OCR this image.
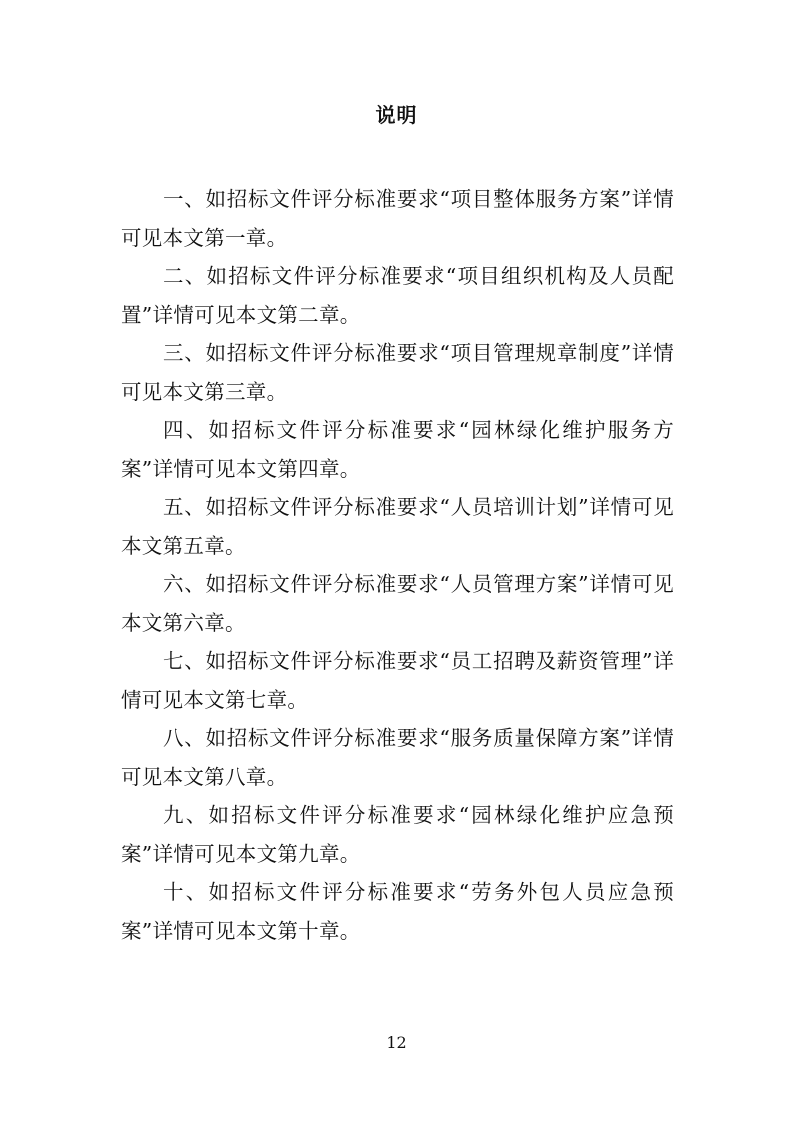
说明

一、如招标文件评分标准要求“项目整体服务方案”详情可见本文第一章。

二、如招标文件评分标准要求“项目组织机构及人员配置”详情可见本文第二章。

三、如招标文件评分标准要求“项目管理规章制度”详情可见本文第三章。

四、如招标文件评分标准要求“园林绿化维护服务方案”详情可见本文第四章。

五、如招标文件评分标准要求“人员培训计划”详情可见本文第五章。

六、如招标文件评分标准要求“人员管理方案”详情可见本文第六章。

七、如招标文件评分标准要求“员工招聘及薪资管理”详情可见本文第七章。

八、如招标文件评分标准要求“服务质量保障方案”详情可见本文第八章。

九、如招标文件评分标准要求“园林绿化维护应急预案”详情可见本文第九章。

十、如招标文件评分标准要求“劳务外包人员应急预案”详情可见本文第十章。

12
